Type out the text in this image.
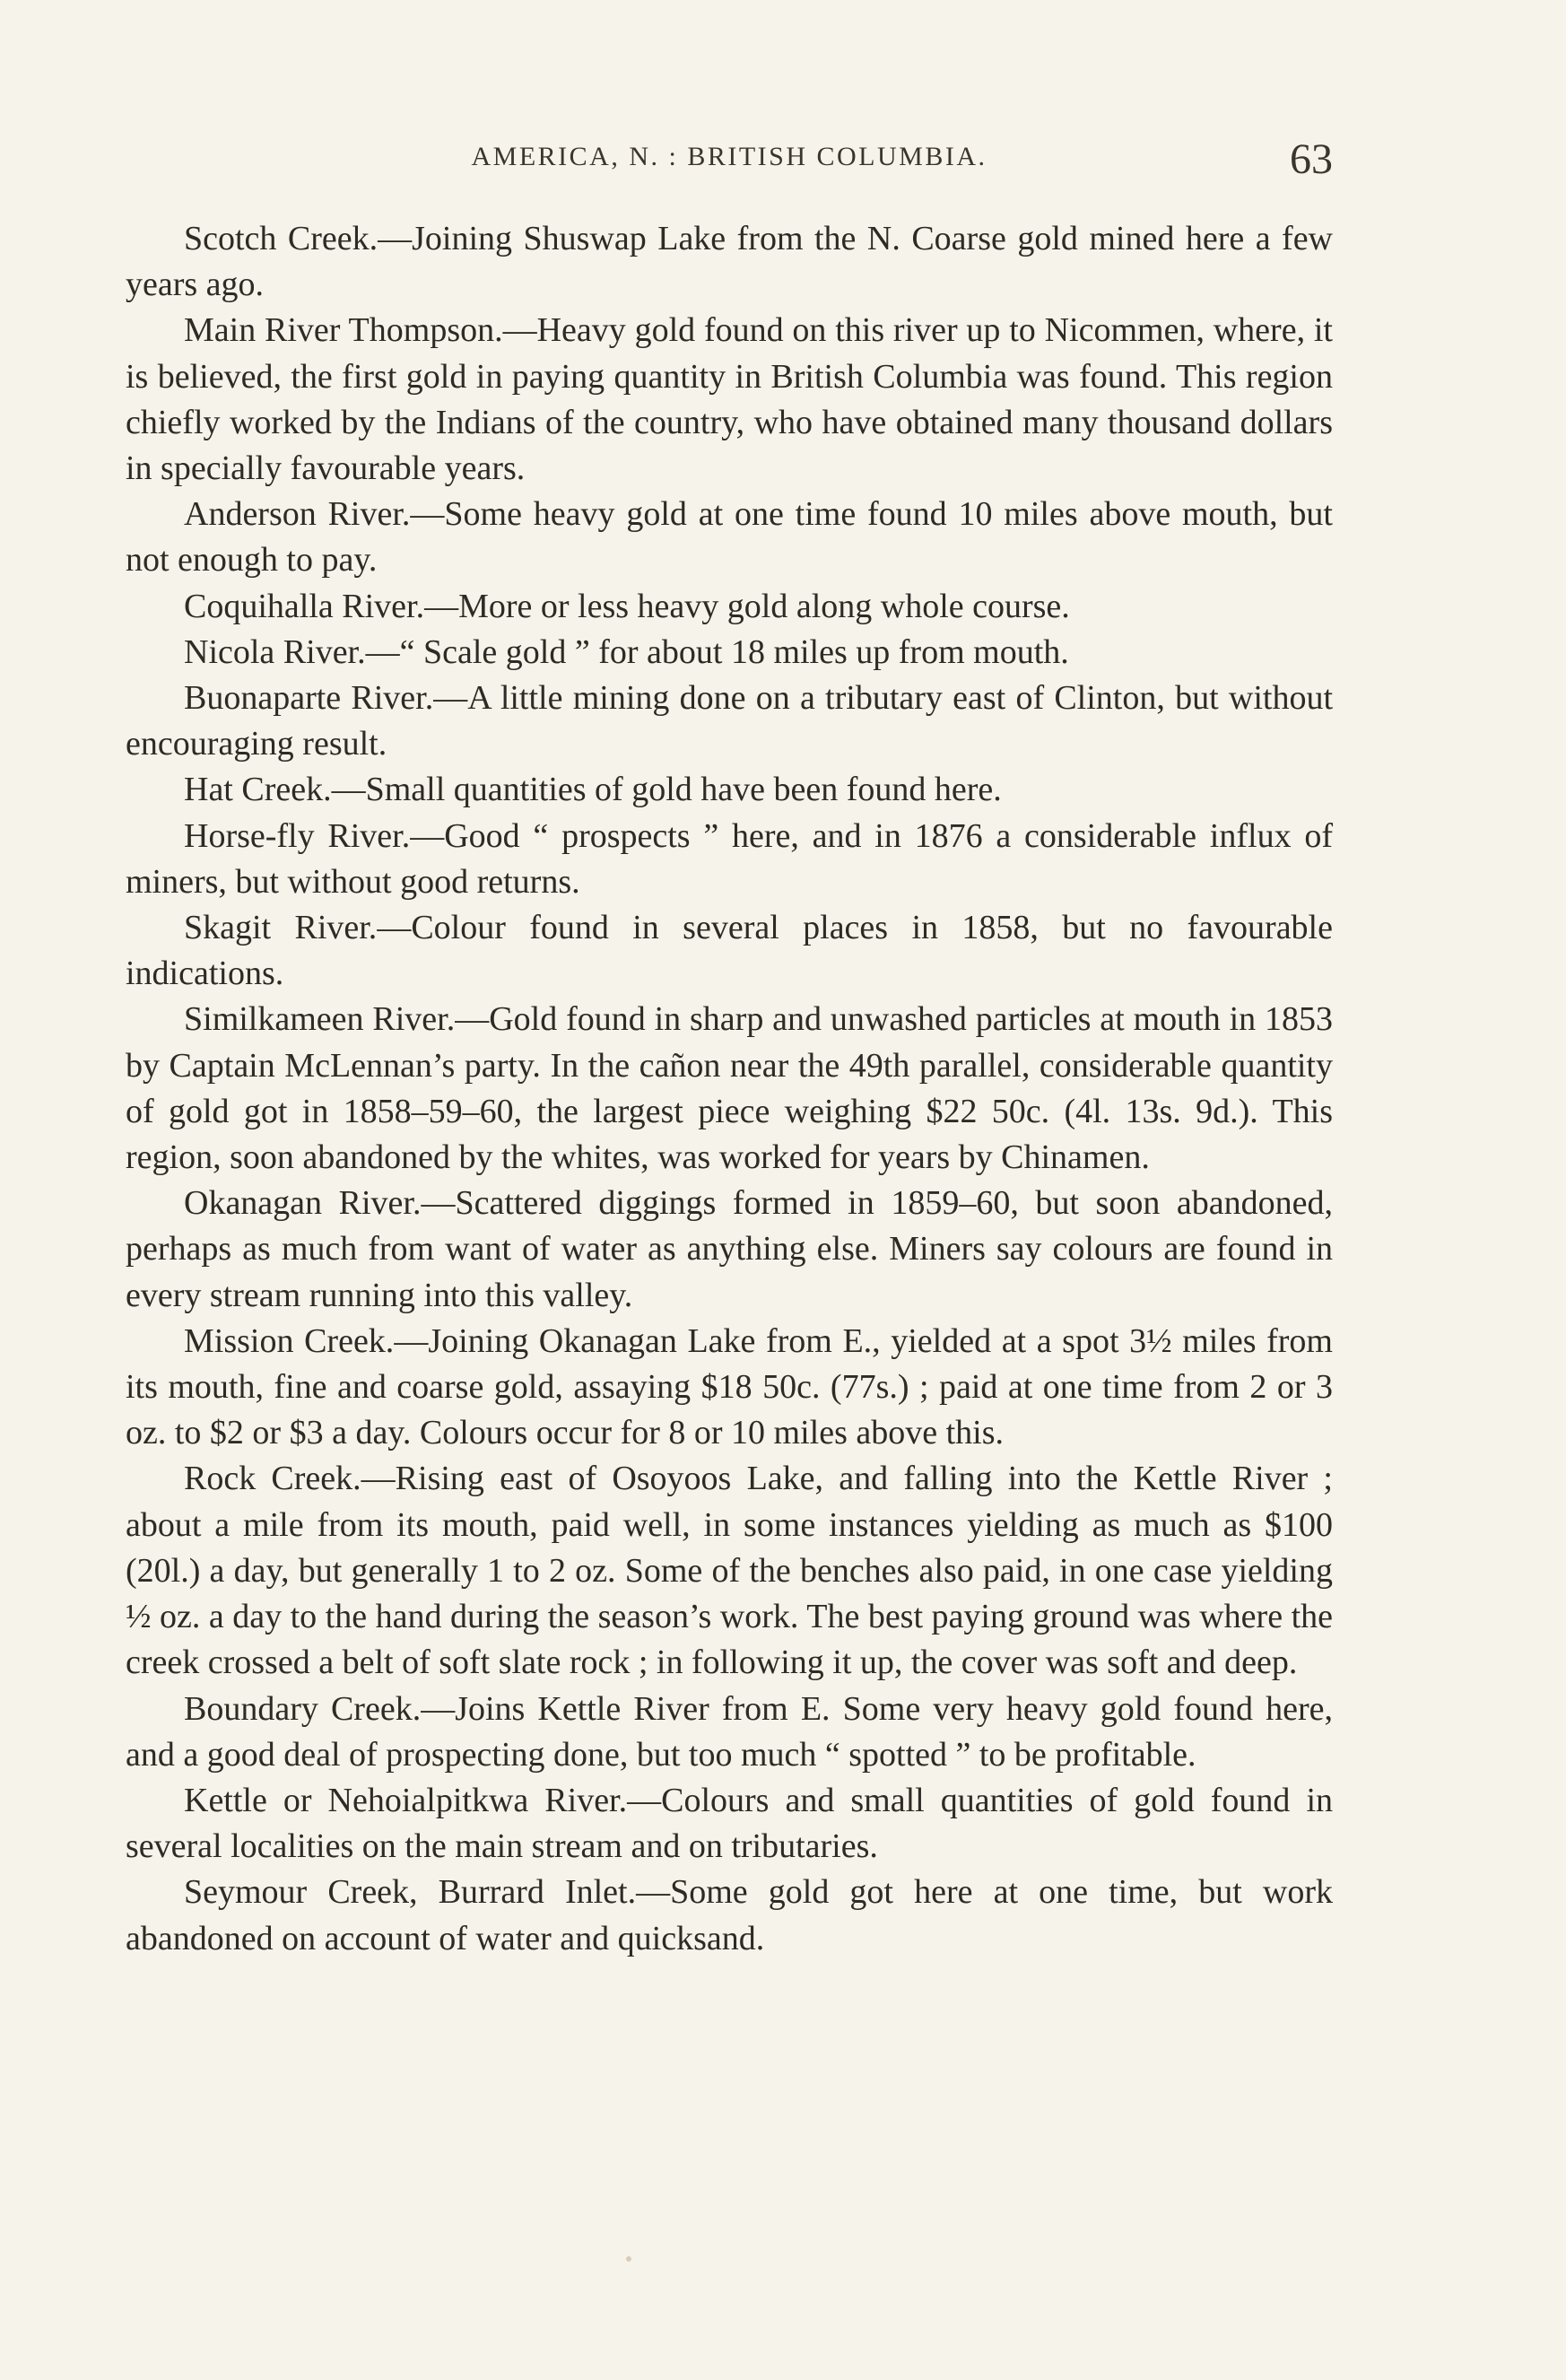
AMERICA, N. : BRITISH COLUMBIA.	63

Scotch Creek.—Joining Shuswap Lake from the N. Coarse gold mined here a few years ago.

Main River Thompson.—Heavy gold found on this river up to Nicommen, where, it is believed, the first gold in paying quantity in British Columbia was found. This region chiefly worked by the Indians of the country, who have obtained many thousand dollars in specially favourable years.

Anderson River.—Some heavy gold at one time found 10 miles above mouth, but not enough to pay.

Coquihalla River.—More or less heavy gold along whole course.

Nicola River.—“ Scale gold ” for about 18 miles up from mouth.

Buonaparte River.—A little mining done on a tributary east of Clinton, but without encouraging result.

Hat Creek.—Small quantities of gold have been found here.

Horse-fly River.—Good “ prospects ” here, and in 1876 a considerable influx of miners, but without good returns.

Skagit River.—Colour found in several places in 1858, but no favourable indications.

Similkameen River.—Gold found in sharp and unwashed particles at mouth in 1853 by Captain McLennan’s party. In the cañon near the 49th parallel, considerable quantity of gold got in 1858–59–60, the largest piece weighing $22 50c. (4l. 13s. 9d.). This region, soon abandoned by the whites, was worked for years by Chinamen.

Okanagan River.—Scattered diggings formed in 1859–60, but soon abandoned, perhaps as much from want of water as anything else. Miners say colours are found in every stream running into this valley.

Mission Creek.—Joining Okanagan Lake from E., yielded at a spot 3½ miles from its mouth, fine and coarse gold, assaying $18 50c. (77s.) ; paid at one time from 2 or 3 oz. to $2 or $3 a day. Colours occur for 8 or 10 miles above this.

Rock Creek.—Rising east of Osoyoos Lake, and falling into the Kettle River ; about a mile from its mouth, paid well, in some instances yielding as much as $100 (20l.) a day, but generally 1 to 2 oz. Some of the benches also paid, in one case yielding ½ oz. a day to the hand during the season’s work. The best paying ground was where the creek crossed a belt of soft slate rock ; in following it up, the cover was soft and deep.

Boundary Creek.—Joins Kettle River from E. Some very heavy gold found here, and a good deal of prospecting done, but too much “ spotted ” to be profitable.

Kettle or Nehoialpitkwa River.—Colours and small quantities of gold found in several localities on the main stream and on tributaries.

Seymour Creek, Burrard Inlet.—Some gold got here at one time, but work abandoned on account of water and quicksand.
